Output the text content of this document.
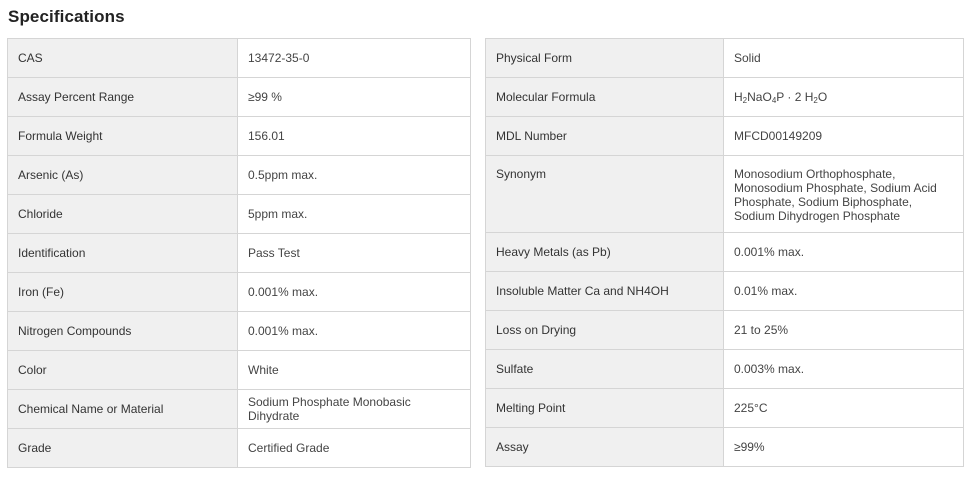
Specifications
CAS	13472-35-0
Assay Percent Range	≥99 %
Formula Weight	156.01
Arsenic (As)	0.5ppm max.
Chloride	5ppm max.
Identification	Pass Test
Iron (Fe)	0.001% max.
Nitrogen Compounds	0.001% max.
Color	White
Chemical Name or Material	Sodium Phosphate Monobasic Dihydrate
Grade	Certified Grade
Physical Form	Solid
Molecular Formula	$H_2NaO_4P \cdot 2$ $H_2O$
MDL Number	MFCD00149209
Synonym	Monosodium Orthophosphate, Monosodium Phosphate, Sodium Acid Phosphate, Sodium Biphosphate, Sodium Dihydrogen Phosphate
Heavy Metals (as Pb)	0.001% max.
Insoluble Matter Ca and NH4OH	0.01% max.
Loss on Drying	21 to 25%
Sulfate	0.003% max.
Melting Point	225°C
Assay	≥99%
